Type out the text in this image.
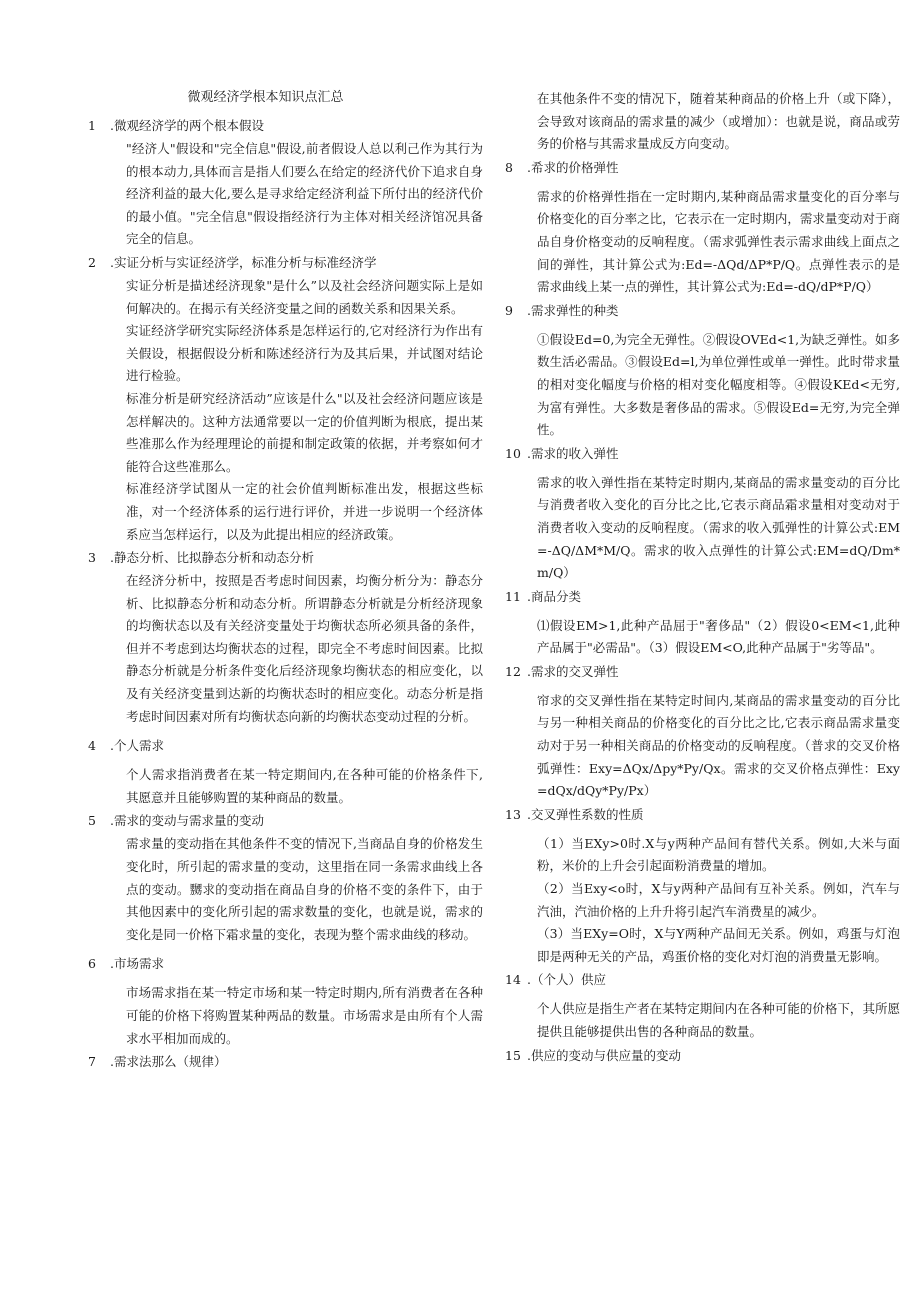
微观经济学根本知识点汇总
1 .微观经济学的两个根本假设

"经济人"假设和"完全信息"假设,前者假设人总以利己作为其行为的根本动力,具体而言是指人们要么在给定的经济代价下追求自身经济利益的最大化,要么是寻求给定经济利益下所付出的经济代价的最小值。"完全信息"假设指经济行为主体对相关经济馆况具备完全的信息。

2 .实证分析与实证经济学，标准分析与标准经济学

实证分析是描述经济现象"是什么”以及社会经济问题实际上是如何解决的。在揭示有关经济变量之间的函数关系和因果关系。

实证经济学研究实际经济体系是怎样运行的,它对经济行为作出有关假设，根据假设分析和陈述经济行为及其后果，并试图对结论进行检验。

标准分析是研究经济活动”应该是什么"以及社会经济问题应该是怎样解决的。这种方法通常要以一定的价值判断为根底，提出某些准那么作为经理理论的前提和制定政策的依据，并考察如何才能符合这些准那么。

标准经济学试图从一定的社会价值判断标准出发，根据这些标准，对一个经济体系的运行进行评价，并进一步说明一个经济体系应当怎样运行，以及为此提出相应的经济政策。

3 .静态分析、比拟静态分析和动态分析

在经济分析中，按照是否考虑时间因素，均衡分析分为：静态分析、比拟静态分析和动态分析。所谓静态分析就是分析经济现象的均衡状态以及有关经济变量处于均衡状态所必须具备的条件，但并不考虑到达均衡状态的过程，即完全不考虑时间因素。比拟静态分析就是分析条件变化后经济现象均衡状态的相应变化，以及有关经济变量到达新的均衡状态时的相应变化。动态分析是指考虑时间因素对所有均衡状态向新的均衡状态变动过程的分析。

4 .个人需求

个人需求指消费者在某一特定期间内,在各种可能的价格条件下,其愿意并且能够购置的某种商品的数量。

5 .需求的变动与需求量的变动

需求量的变动指在其他条件不变的情况下,当商品自身的价格发生变化时，所引起的需求量的变动，这里指在同一条需求曲线上各点的变动。嬲求的变动指在商品自身的价格不变的条件下，由于其他因素中的变化所引起的需求数量的变化，也就是说，需求的变化是同一价格下霜求量的变化，表现为整个需求曲线的移动。

6 .市场需求

市场需求指在某一特定市场和某一特定时期内,所有消费者在各种可能的价格下将购置某种两品的数量。市场需求是由所有个人需求水平相加而成的。

7 .需求法那么（规律）

在其他条件不变的情况下，随着某种商品的价格上升（或下降），会导致对该商品的需求量的减少（或增加）：也就是说，商品或劳务的价格与其需求量成反方向变动。

8 .希求的价格弹性

需求的价格弹性指在一定时期内,某种商品需求量变化的百分率与价格变化的百分率之比，它表示在一定时期内，需求量变动对于商品自身价格变动的反响程度。（需求弧弹性表示需求曲线上面点之间的弹性，其计算公式为:Ed=-ΔQd/ΔP*P/Q。点弹性表示的是需求曲线上某一点的弹性，其计算公式为:Ed=-dQ/dP*P/Q）

9 .需求弹性的种类

①假设Ed=0,为完全无弹性。②假设OVEd<1,为缺乏弹性。如多数生活必需品。③假设Ed=l,为单位弹性或单一弹性。此时带求量的相对变化幅度与价格的相对变化幅度相等。④假设KEd<无穷,为富有弹性。大多数是奢侈品的需求。⑤假设Ed=无穷,为完全弹性。

10 .需求的收入弹性

需求的收入弹性指在某特定时期内,某商品的需求量变动的百分比与消费者收入变化的百分比之比,它表示商品霜求量相对变动对于消费者收入变动的反响程度。（需求的收入弧弹性的计算公式:EM=-ΔQ/ΔM*M/Q。需求的收入点弹性的计算公式:EM=dQ/Dm*m/Q）

11 .商品分类

⑴假设EM>1,此种产品屈于"奢侈品"（2）假设0<EM<1,此种产品属于"必需品"。（3）假设EM<O,此种产品属于"劣等品"。

12 .需求的交叉弹性

帘求的交叉弹性指在某特定时间内,某商品的需求量变动的百分比与另一种相关商品的价格变化的百分比之比,它表示商品需求量变动对于另一种相关商品的价格变动的反响程度。（普求的交叉价格弧弹性：Exy=ΔQx/Δpy*Py/Qx。需求的交叉价格点弹性：Exy=dQx/dQy*Py/Px）

13 .交叉弹性系数的性质

（1）当EXy>0时.X与y两种产品间有替代关系。例如,大米与面粉，米价的上升会引起面粉消费量的增加。

（2）当Exy<o时，X与y两种产品间有互补关系。例如，汽车与汽油，汽油价格的上升升将引起汽车消费星的减少。

（3）当EXy=O时，X与Y两种产品间无关系。例如，鸡蛋与灯泡即是两种无关的产品，鸡蛋价格的变化对灯泡的消费量无影响。

14 .（个人）供应

个人供应是指生产者在某特定期间内在各种可能的价格下，其所愿提供且能够提供出售的各种商品的数量。

15 .供应的变动与供应量的变动
